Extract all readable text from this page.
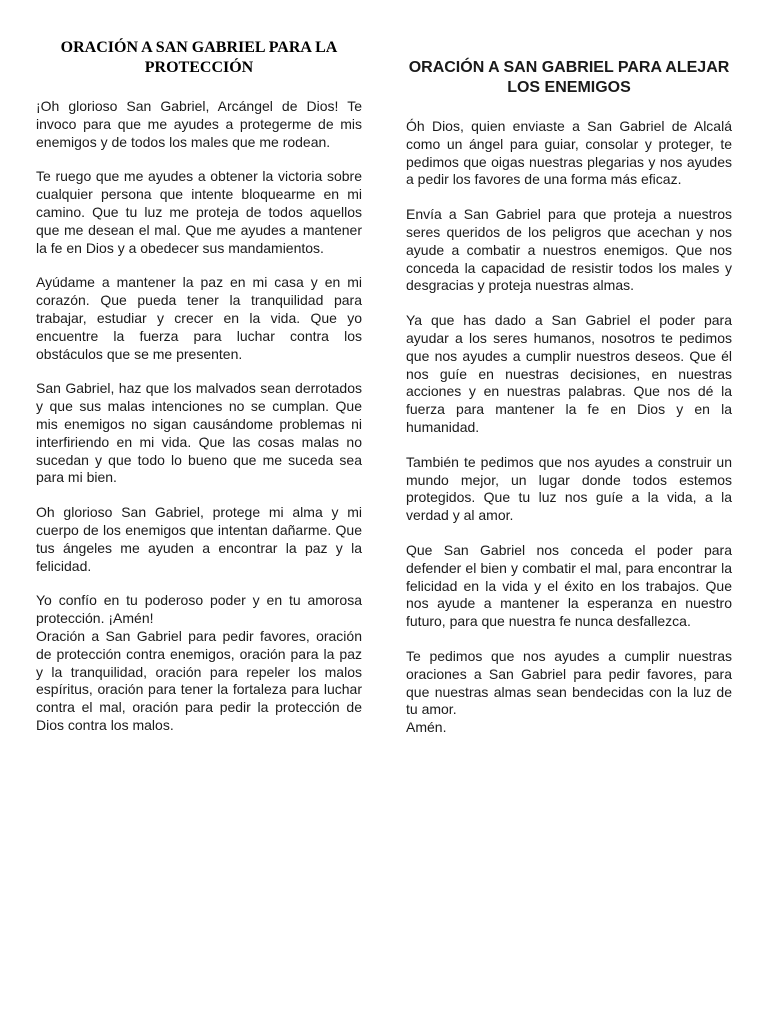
ORACIÓN A SAN GABRIEL PARA LA PROTECCIÓN

¡Oh glorioso San Gabriel, Arcángel de Dios! Te invoco para que me ayudes a protegerme de mis enemigos y de todos los males que me rodean.

Te ruego que me ayudes a obtener la victoria sobre cualquier persona que intente bloquearme en mi camino. Que tu luz me proteja de todos aquellos que me desean el mal. Que me ayudes a mantener la fe en Dios y a obedecer sus mandamientos.

Ayúdame a mantener la paz en mi casa y en mi corazón. Que pueda tener la tranquilidad para trabajar, estudiar y crecer en la vida. Que yo encuentre la fuerza para luchar contra los obstáculos que se me presenten.

San Gabriel, haz que los malvados sean derrotados y que sus malas intenciones no se cumplan. Que mis enemigos no sigan causándome problemas ni interfiriendo en mi vida. Que las cosas malas no sucedan y que todo lo bueno que me suceda sea para mi bien.

Oh glorioso San Gabriel, protege mi alma y mi cuerpo de los enemigos que intentan dañarme. Que tus ángeles me ayuden a encontrar la paz y la felicidad.

Yo confío en tu poderoso poder y en tu amorosa protección. ¡Amén!

Oración a San Gabriel para pedir favores, oración de protección contra enemigos, oración para la paz y la tranquilidad, oración para repeler los malos espíritus, oración para tener la fortaleza para luchar contra el mal, oración para pedir la protección de Dios contra los malos.

ORACIÓN A SAN GABRIEL PARA ALEJAR LOS ENEMIGOS

Óh Dios, quien enviaste a San Gabriel de Alcalá como un ángel para guiar, consolar y proteger, te pedimos que oigas nuestras plegarias y nos ayudes a pedir los favores de una forma más eficaz.

Envía a San Gabriel para que proteja a nuestros seres queridos de los peligros que acechan y nos ayude a combatir a nuestros enemigos. Que nos conceda la capacidad de resistir todos los males y desgracias y proteja nuestras almas.

Ya que has dado a San Gabriel el poder para ayudar a los seres humanos, nosotros te pedimos que nos ayudes a cumplir nuestros deseos. Que él nos guíe en nuestras decisiones, en nuestras acciones y en nuestras palabras. Que nos dé la fuerza para mantener la fe en Dios y en la humanidad.

También te pedimos que nos ayudes a construir un mundo mejor, un lugar donde todos estemos protegidos. Que tu luz nos guíe a la vida, a la verdad y al amor.

Que San Gabriel nos conceda el poder para defender el bien y combatir el mal, para encontrar la felicidad en la vida y el éxito en los trabajos. Que nos ayude a mantener la esperanza en nuestro futuro, para que nuestra fe nunca desfallezca.

Te pedimos que nos ayudes a cumplir nuestras oraciones a San Gabriel para pedir favores, para que nuestras almas sean bendecidas con la luz de tu amor.

Amén.
